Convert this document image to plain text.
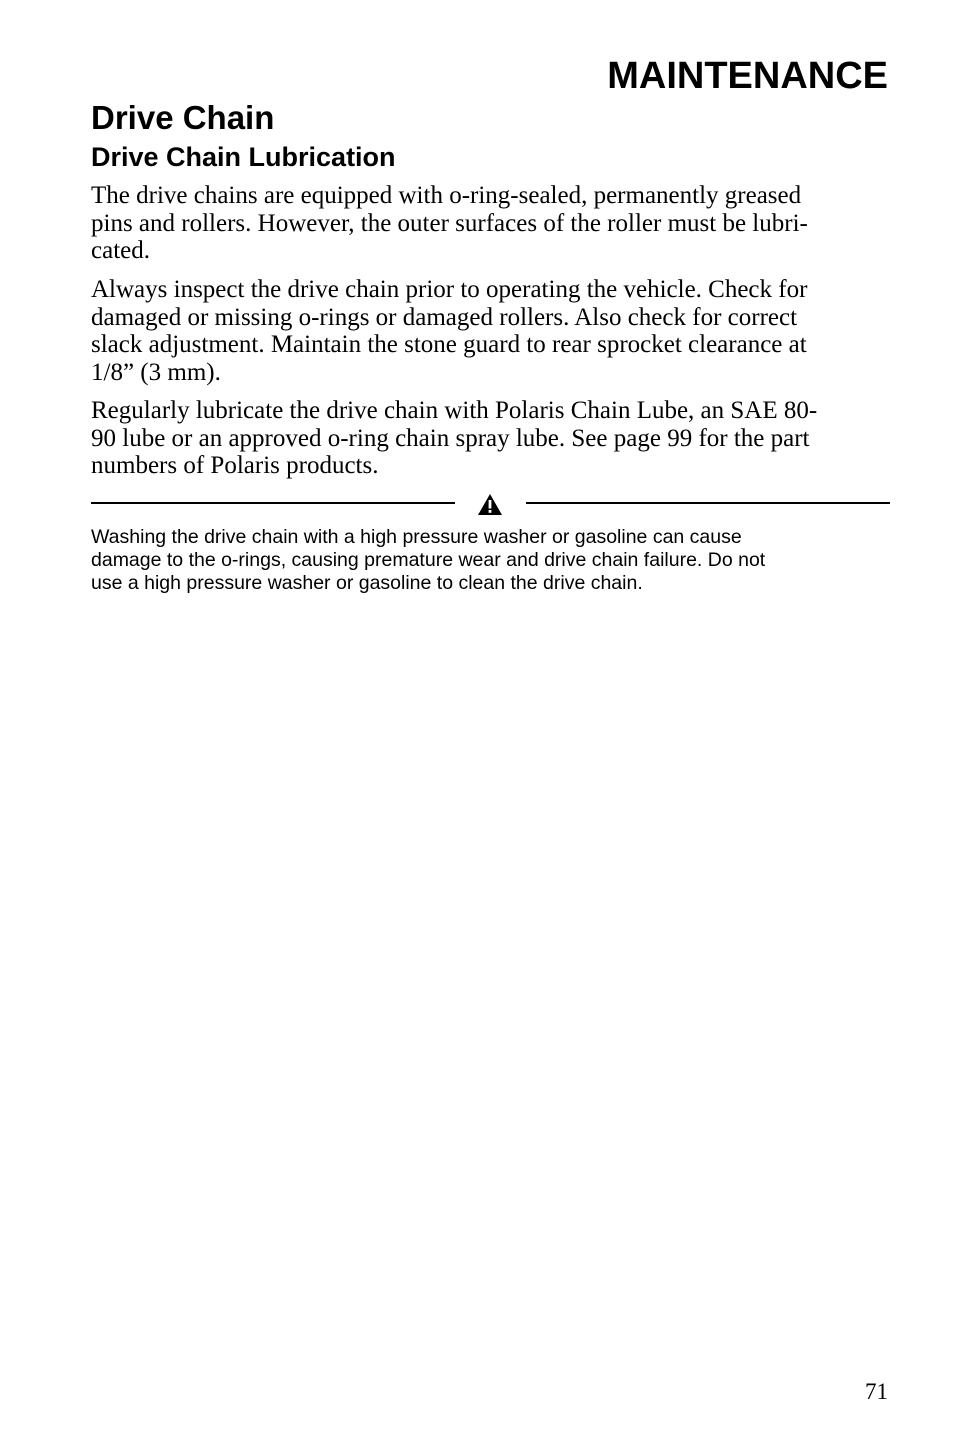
MAINTENANCE
Drive Chain
Drive Chain Lubrication

The drive chains are equipped with o-ring-sealed, permanently greased
pins and rollers. However, the outer surfaces of the roller must be lubri-
cated.

Always inspect the drive chain prior to operating the vehicle. Check for
damaged or missing o-rings or damaged rollers. Also check for correct
slack adjustment. Maintain the stone guard to rear sprocket clearance at
1/8” (3 mm).

Regularly lubricate the drive chain with Polaris Chain Lube, an SAE 80-
90 lube or an approved o-ring chain spray lube. See page 99 for the part
numbers of Polaris products.

Washing the drive chain with a high pressure washer or gasoline can cause
damage to the o-rings, causing premature wear and drive chain failure. Do not
use a high pressure washer or gasoline to clean the drive chain.

71
